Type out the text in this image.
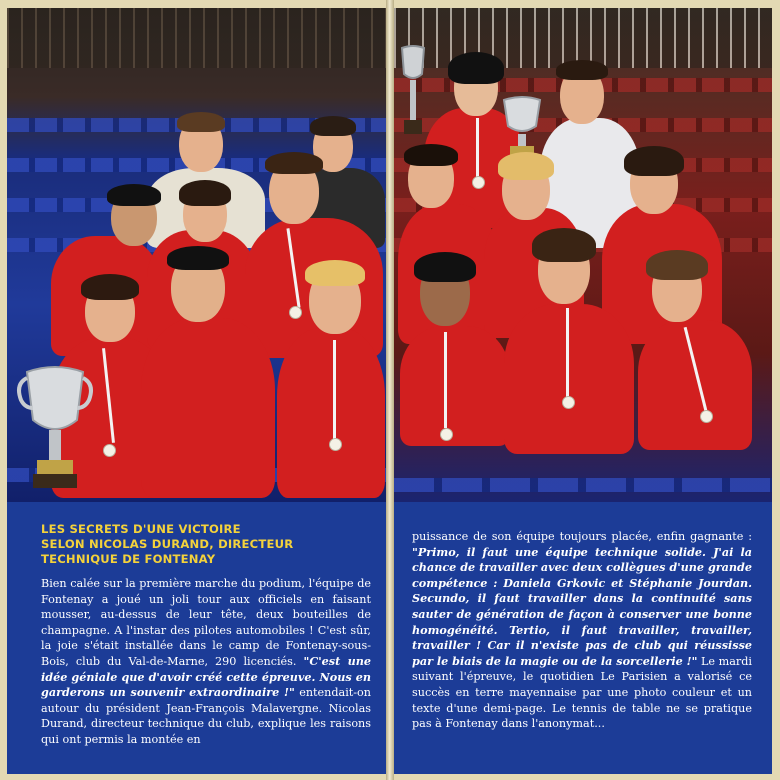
LES SECRETS D'UNE VICTOIRE
SELON NICOLAS DURAND, DIRECTEUR
TECHNIQUE DE FONTENAY
Bien calée sur la première marche du podium, l'équipe de Fontenay a joué un joli tour aux officiels en faisant mousser, au-dessus de leur tête, deux bouteilles de champagne. A l'instar des pilotes automobiles ! C'est sûr, la joie s'était installée dans le camp de Fontenay-sous-Bois, club du Val-de-Marne, 290 licenciés. "C'est une idée géniale que d'avoir créé cette épreuve. Nous en garderons un souvenir extraordinaire !" entendait-on autour du président Jean-François Malavergne. Nicolas Durand, directeur technique du club, explique les raisons qui ont permis la montée en
puissance de son équipe toujours placée, enfin gagnante : "Primo, il faut une équipe technique solide. J'ai la chance de travailler avec deux collègues d'une grande compétence : Daniela Grkovic et Stéphanie Jourdan. Secundo, il faut travailler dans la continuité sans sauter de génération de façon à conserver une bonne homogénéité. Tertio, il faut travailler, travailler, travailler ! Car il n'existe pas de club qui réussisse par le biais de la magie ou de la sorcellerie !" Le mardi suivant l'épreuve, le quotidien Le Parisien a valorisé ce succès en terre mayennaise par une photo couleur et un texte d'une demi-page. Le tennis de table ne se pratique pas à Fontenay dans l'anonymat...
